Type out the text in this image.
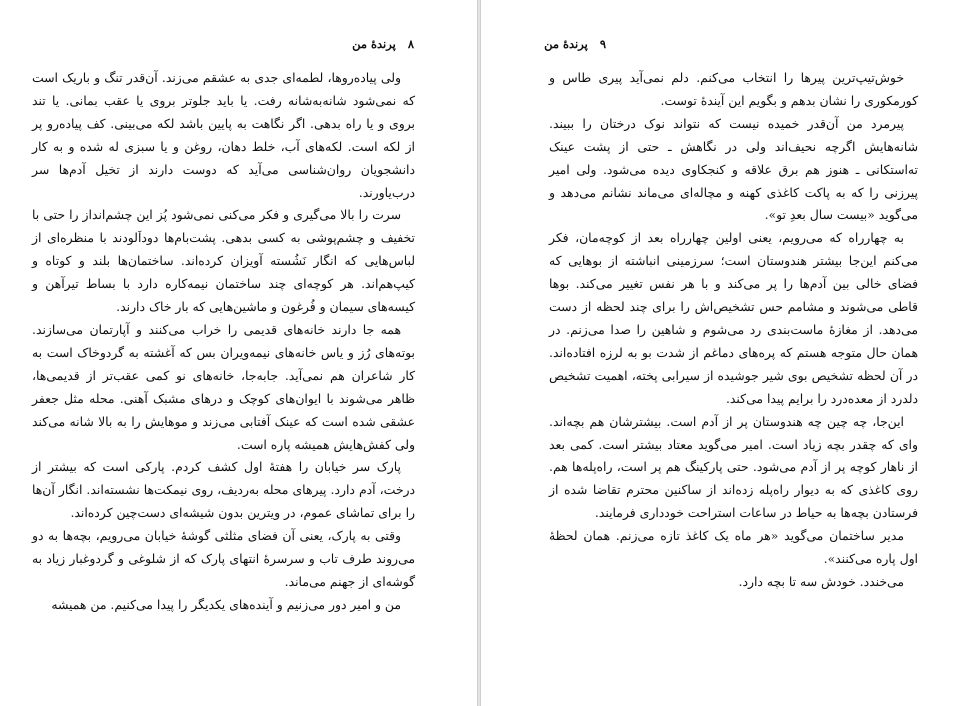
۸ پرندهٔ من

ولی پیاده‌روها، لطمه‌ای جدی به عشقم می‌زند. آن‌قدر تنگ و باریک است که نمی‌شود شانه‌به‌شانه رفت. یا باید جلوتر بروی یا عقب بمانی. یا تند بروی و یا راه بدهی. اگر نگاهت به پایین باشد لکه می‌بینی. کف پیاده‌رو پر از لکه است. لکه‌های آب، خلط دهان، روغن و یا سبزی له شده و به کار دانشجویان روان‌شناسی می‌آید که دوست دارند از تخیل آدم‌ها سر درب‌یاورند.

سرت را بالا می‌گیری و فکر می‌کنی نمی‌شود پُز این چشم‌انداز را حتی با تخفیف و چشم‌پوشی به کسی بدهی. پشت‌بام‌ها دوداَلودند با منظره‌ای از لباس‌هایی که انگار نَشُسته آویزان کرده‌اند. ساختمان‌ها بلند و کوتاه و کیپ‌هم‌اند. هر کوچه‌ای چند ساختمان نیمه‌کاره دارد با بساط تیرآهن و کیسه‌های سیمان و فُرغون و ماشین‌هایی که بار خاک دارند.

همه جا دارند خانه‌های قدیمی را خراب می‌کنند و آپارتمان می‌سازند. بوته‌های رُز و یاس خانه‌های نیمه‌ویران بس که آغشته به گردوخاک است به کار شاعران هم نمی‌آید. جابه‌جا، خانه‌های نو کمی عقب‌تر از قدیمی‌ها، ظاهر می‌شوند با ایوان‌های کوچک و درهای مشبک آهنی. محله مثل جعفر عشقی شده است که عینک آفتابی می‌زند و موهایش را به بالا شانه می‌کند ولی کفش‌هایش همیشه پاره است.

پارک سر خیابان را هفتهٔ اول کشف کردم. پارکی است که بیشتر از درخت، آدم دارد. پیرهای محله به‌ردیف، روی نیمکت‌ها نشسته‌اند. انگار آن‌ها را برای تماشای عموم، در ویترین بدون شیشه‌ای دست‌چین کرده‌اند.

وقتی به پارک، یعنی آن فضای مثلثی گوشهٔ خیابان می‌رویم، بچه‌ها به دو می‌روند طرف تاب و سرسرهٔ انتهای پارک که از شلوغی و گردوغبار زیاد به گوشه‌ای از جهنم می‌ماند.

من و امیر دور می‌زنیم و آینده‌های یکدیگر را پیدا می‌کنیم. من همیشه

۹ پرندهٔ من

خوش‌تیپ‌ترین پیرها را انتخاب می‌کنم. دلم نمی‌آید پیری طاس و کورمکوری را نشان بدهم و بگویم این آیندهٔ توست.

پیرمرد من آن‌قدر خمیده نیست که نتواند نوک درختان را ببیند. شانه‌هایش اگرچه نحیف‌اند ولی در نگاهش ـ حتی از پشت عینک ته‌استکانی ـ هنوز هم برق علاقه و کنجکاوی دیده می‌شود. ولی امیر پیرزنی را که به پاکت کاغذی کهنه و مچاله‌ای می‌ماند نشانم می‌دهد و می‌گوید «بیست سال بعدِ تو».

به چهارراه که می‌رویم، یعنی اولین چهارراه بعد از کوچه‌مان، فکر می‌کنم این‌جا بیشتر هندوستان است؛ سرزمینی انباشته از بوهایی که فضای خالی بین آدم‌ها را پر می‌کند و با هر نفس تغییر می‌کند. بوها قاطی می‌شوند و مشامم حس تشخیص‌اش را برای چند لحظه از دست می‌دهد. از مغازهٔ ماست‌بندی رد می‌شوم و شاهین را صدا می‌زنم. در همان حال متوجه هستم که پره‌های دماغم از شدت بو به لرزه افتاده‌اند. در آن لحظه تشخیص بوی شیر جوشیده از سیرابی پخته، اهمیت تشخیص دلدرد از معده‌درد را برایم پیدا می‌کند.

این‌جا، چه چین چه هندوستان پر از آدم است. بیشترشان هم بچه‌اند. وای که چقدر بچه زیاد است. امیر می‌گوید معتاد بیشتر است. کمی بعد از ناهار کوچه پر از آدم می‌شود. حتی پارکینگ هم پر است، راه‌پله‌ها هم. روی کاغذی که به دیوار راه‌پله زده‌اند از ساکنین محترم تقاضا شده از فرستادن بچه‌ها به حیاط در ساعات استراحت خودداری فرمایند.

مدیر ساختمان می‌گوید «هر ماه یک کاغذ تازه می‌زنم. همان لحظهٔ اول پاره می‌کنند».

می‌خندد. خودش سه تا بچه دارد.
